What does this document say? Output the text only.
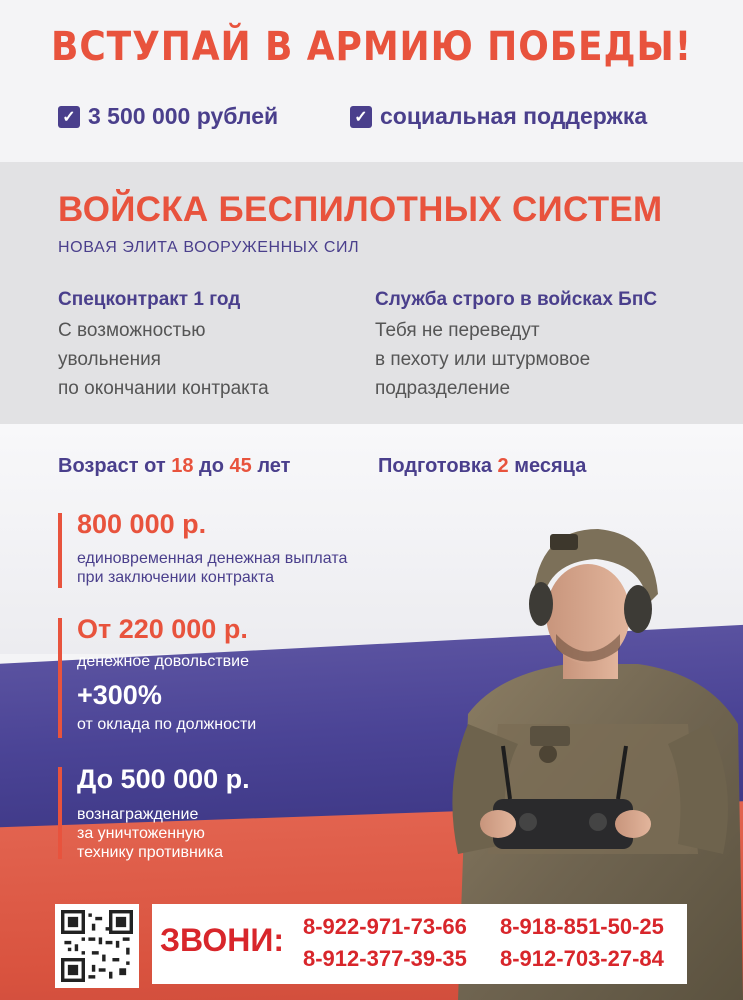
ВСТУПАЙ В АРМИЮ ПОБЕДЫ!
✓ 3 500 000 рублей	✓ социальная поддержка
ВОЙСКА БЕСПИЛОТНЫХ СИСТЕМ
НОВАЯ ЭЛИТА ВООРУЖЕННЫХ СИЛ
Спецконтракт 1 год
С возможностью
увольнения
по окончании контракта
Служба строго в войсках БпС
Тебя не переведут
в пехоту или штурмовое
подразделение
Возраст от 18 до 45 лет	Подготовка 2 месяца
800 000 р.
единовременная денежная выплата
при заключении контракта
От 220 000 р.
денежное довольствие
+300%
от оклада по должности
До 500 000 р.
вознаграждение
за уничтоженную
технику противника
ЗВОНИ: 8-922-971-73-66 8-918-851-50-25
8-912-377-39-35 8-912-703-27-84
